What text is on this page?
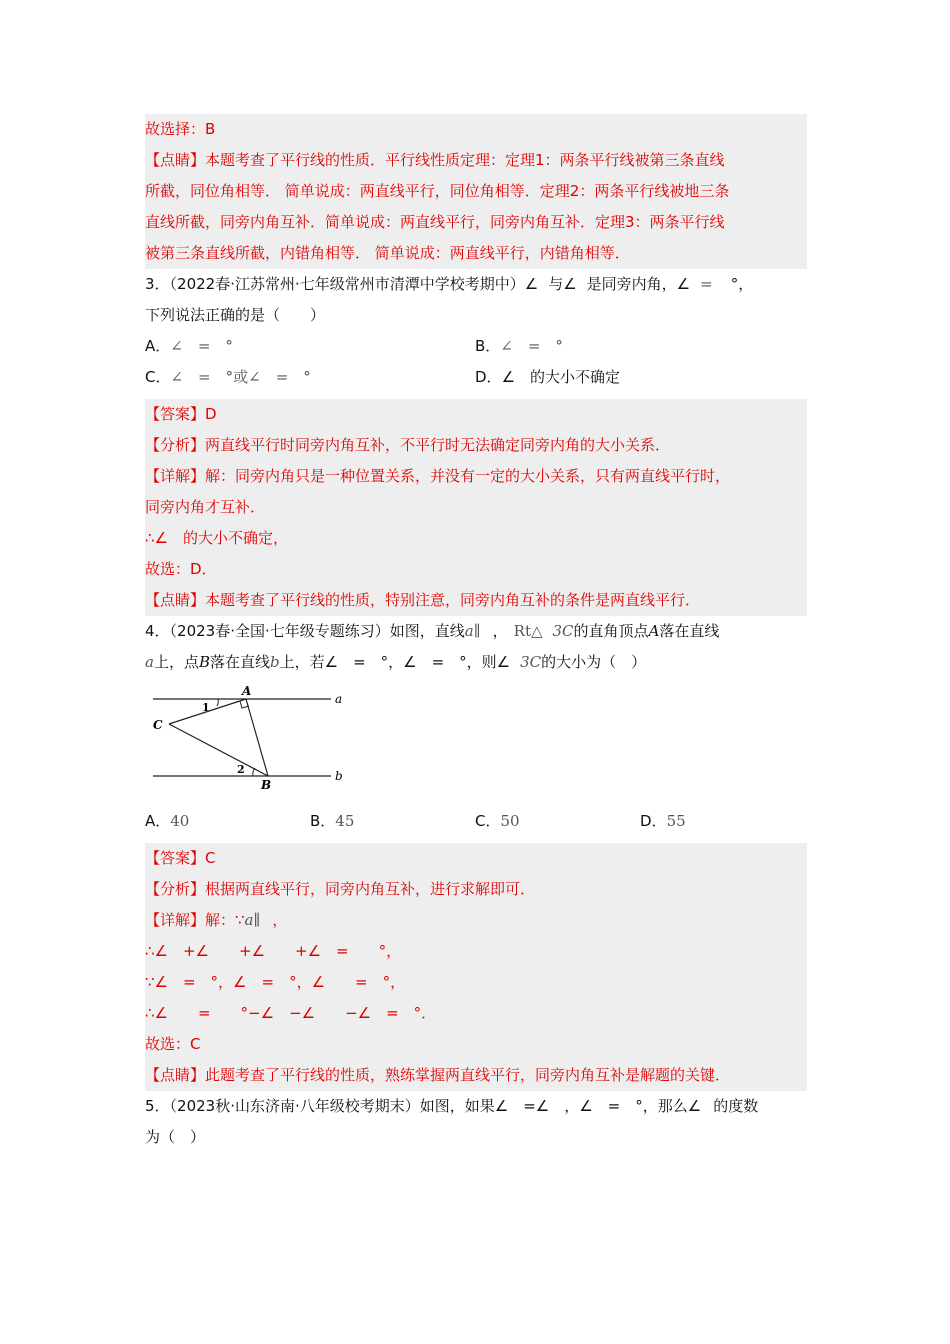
故选择：B
【点睛】本题考查了平行线的性质．平行线性质定理：定理1：两条平行线被第三条直线
所截，同位角相等． 简单说成：两直线平行，同位角相等．定理2：两条平行线被地三条
直线所截，同旁内角互补．简单说成：两直线平行，同旁内角互补．定理3：两条平行线
被第三条直线所截，内错角相等． 简单说成：两直线平行，内错角相等．
3．（2022春·江苏常州·七年级常州市清潭中学校考期中）∠ 与∠ 是同旁内角，∠ = °，
下列说法正确的是（　　）
A．∠　=　°	B．∠　=　°
C．∠　=　°或∠　=　°	D．∠　的大小不确定
【答案】D
【分析】两直线平行时同旁内角互补，不平行时无法确定同旁内角的大小关系．
【详解】解：同旁内角只是一种位置关系，并没有一定的大小关系，只有两直线平行时，
同旁内角才互补．
∴∠　的大小不确定，
故选：D．
【点睛】本题考查了平行线的性质，特别注意，同旁内角互补的条件是两直线平行．
4．（2023春·全国·七年级专题练习）如图，直线a∥ ， Rt△ 3C的直角顶点A落在直线
a上，点B落在直线b上，若∠　=　°，∠　=　°，则∠ 3C的大小为（　）
A
B
C
a
b
1
2
A．40	B．45	C．50	D．55
【答案】C
【分析】根据两直线平行，同旁内角互补，进行求解即可．
【详解】解：∵a∥ ，
∴∠　+∠　　+∠　　+∠　=　　°，
∵∠　=　°，∠　=　°，∠　　=　°，
∴∠　　=　　°−∠　−∠　　−∠　=　°．
故选：C
【点睛】此题考查了平行线的性质，熟练掌握两直线平行，同旁内角互补是解题的关键．
5．（2023秋·山东济南·八年级校考期末）如图，如果∠　=∠　，∠　=　°，那么∠ 的度数
为（　）
